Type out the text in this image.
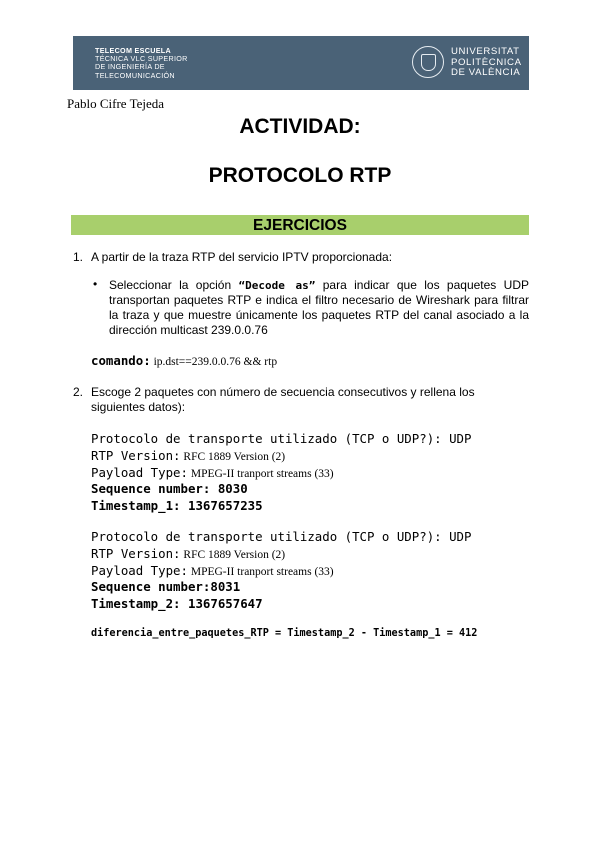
TELECOM ESCUELA
TÉCNICA VLC SUPERIOR
DE INGENIERÍA DE
TELECOMUNICACIÓN
UNIVERSITAT
POLITÈCNICA
DE VALÈNCIA
Pablo Cifre Tejeda
ACTIVIDAD:
PROTOCOLO RTP
EJERCICIOS
1. A partir de la traza RTP del servicio IPTV proporcionada:
• Seleccionar la opción “Decode as” para indicar que los paquetes UDP transportan paquetes RTP e indica el filtro necesario de Wireshark para filtrar la traza y que muestre únicamente los paquetes RTP del canal asociado a la dirección multicast 239.0.0.76
comando: ip.dst==239.0.0.76 && rtp
2. Escoge 2 paquetes con número de secuencia consecutivos y rellena los siguientes datos):
Protocolo de transporte utilizado (TCP o UDP?): UDP
RTP Version: RFC 1889 Version (2)
Payload Type: MPEG-II tranport streams (33)
Sequence number: 8030
Timestamp_1: 1367657235
Protocolo de transporte utilizado (TCP o UDP?): UDP
RTP Version: RFC 1889 Version (2)
Payload Type: MPEG-II tranport streams (33)
Sequence number:8031
Timestamp_2: 1367657647
diferencia_entre_paquetes_RTP = Timestamp_2 - Timestamp_1 = 412
